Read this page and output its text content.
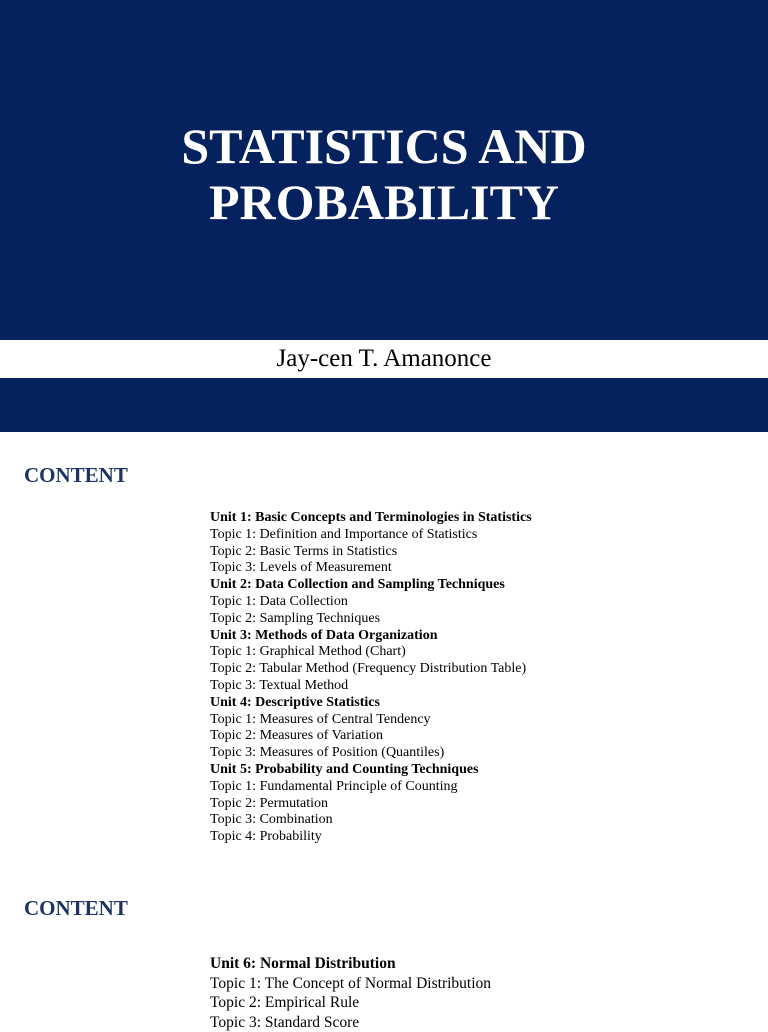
STATISTICS AND
PROBABILITY
Jay-cen T. Amanonce
CONTENT
Unit 1: Basic Concepts and Terminologies in Statistics
Topic 1: Definition and Importance of Statistics
Topic 2: Basic Terms in Statistics
Topic 3: Levels of Measurement
Unit 2: Data Collection and Sampling Techniques
Topic 1: Data Collection
Topic 2: Sampling Techniques
Unit 3: Methods of Data Organization
Topic 1: Graphical Method (Chart)
Topic 2: Tabular Method (Frequency Distribution Table)
Topic 3: Textual Method
Unit 4: Descriptive Statistics
Topic 1: Measures of Central Tendency
Topic 2: Measures of Variation
Topic 3: Measures of Position (Quantiles)
Unit 5: Probability and Counting Techniques
Topic 1: Fundamental Principle of Counting
Topic 2: Permutation
Topic 3: Combination
Topic 4: Probability
CONTENT
Unit 6: Normal Distribution
Topic 1: The Concept of Normal Distribution
Topic 2: Empirical Rule
Topic 3: Standard Score
